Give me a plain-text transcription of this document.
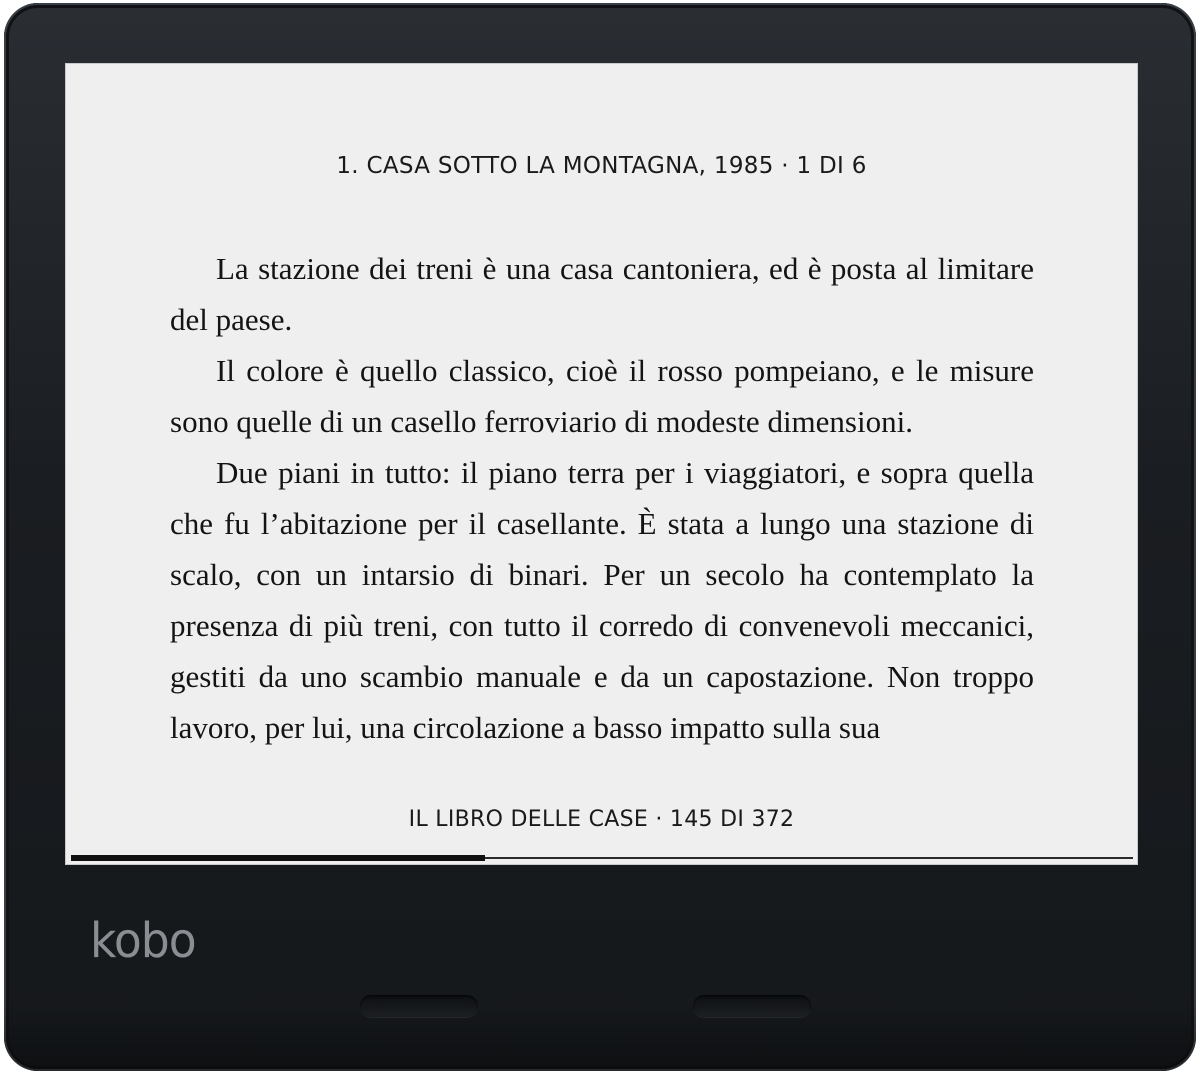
1. CASA SOTTO LA MONTAGNA, 1985 · 1 DI 6

La stazione dei treni è una casa cantoniera, ed è posta al limitare del paese.

Il colore è quello classico, cioè il rosso pompeiano, e le misure sono quelle di un casello ferroviario di modeste dimensioni.

Due piani in tutto: il piano terra per i viaggiatori, e sopra quella che fu l’abitazione per il casellante. È stata a lungo una stazione di scalo, con un intarsio di binari. Per un secolo ha contemplato la presenza di più treni, con tutto il corredo di convenevoli meccanici, gestiti da uno scambio manuale e da un capostazione. Non troppo lavoro, per lui, una circolazione a basso impatto sulla sua

IL LIBRO DELLE CASE · 145 DI 372
kobo
